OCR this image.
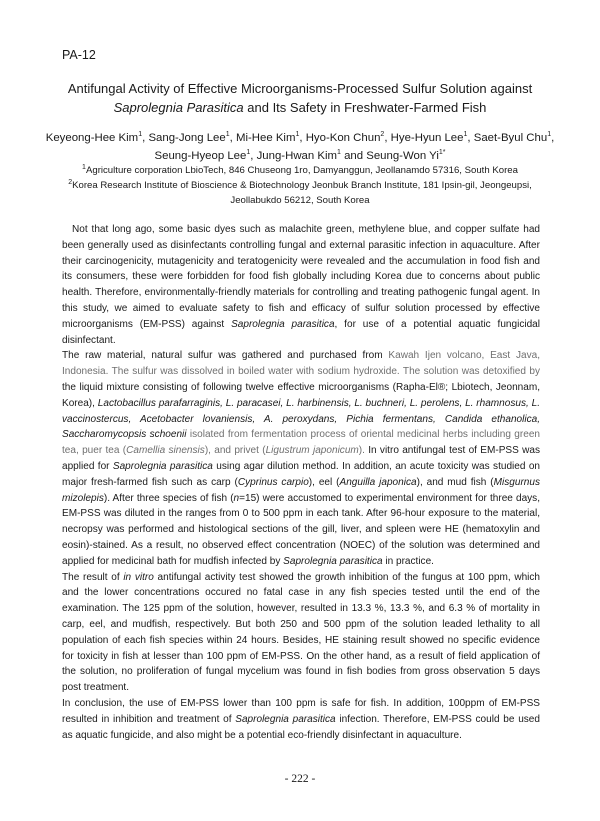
PA-12
Antifungal Activity of Effective Microorganisms-Processed Sulfur Solution against
Saprolegnia Parasitica and Its Safety in Freshwater-Farmed Fish
Keyeong-Hee Kim$^1$, Sang-Jong Lee$^1$, Mi-Hee Kim$^1$, Hyo-Kon Chun$^2$, Hye-Hyun Lee$^1$, Saet-Byul Chu$^1$,
Seung-Hyeop Lee$^1$, Jung-Hwan Kim$^1$ and Seung-Won $Yi^{1*}$
$^1$Agriculture corporation LbioTech, 846 Chuseong 1ro, Damyanggun, Jeollanamdo 57316, South Korea
$^2$Korea Research Institute of Bioscience & Biotechnology Jeonbuk Branch Institute, 181 Ipsin-gil, Jeongeupsi,
Jeollabukdo 56212, South Korea

Not that long ago, some basic dyes such as malachite green, methylene blue, and copper sulfate had been generally used as disinfectants controlling fungal and external parasitic infection in aquaculture. After their carcinogenicity, mutagenicity and teratogenicity were revealed and the accumulation in food fish and its consumers, these were forbidden for food fish globally including Korea due to concerns about public health. Therefore, environmentally-friendly materials for controlling and treating pathogenic fungal agent. In this study, we aimed to evaluate safety to fish and efficacy of sulfur solution processed by effective microorganisms (EM-PSS) against Saprolegnia parasitica, for use of a potential aquatic fungicidal disinfectant.

The raw material, natural sulfur was gathered and purchased from Kawah Ijen volcano, East Java, Indonesia. The sulfur was dissolved in boiled water with sodium hydroxide. The solution was detoxified by the liquid mixture consisting of following twelve effective microorganisms (Rapha-El®; Lbiotech, Jeonnam, Korea), Lactobacillus parafarraginis, L. paracasei, L. harbinensis, L. buchneri, L. perolens, L. rhamnosus, L. vaccinostercus, Acetobacter lovaniensis, A. peroxydans, Pichia fermentans, Candida ethanolica, Saccharomycopsis schoenii isolated from fermentation process of oriental medicinal herbs including green tea, puer tea (Camellia sinensis), and privet (Ligustrum japonicum). In vitro antifungal test of EM-PSS was applied for Saprolegnia parasitica using agar dilution method. In addition, an acute toxicity was studied on major fresh-farmed fish such as carp (Cyprinus carpio), eel (Anguilla japonica), and mud fish (Misgurnus mizolepis). After three species of fish (n=15) were accustomed to experimental environment for three days, EM-PSS was diluted in the ranges from 0 to 500 ppm in each tank. After 96-hour exposure to the material, necropsy was performed and histological sections of the gill, liver, and spleen were HE (hematoxylin and eosin)-stained. As a result, no observed effect concentration (NOEC) of the solution was determined and applied for medicinal bath for mudfish infected by Saprolegnia parasitica in practice.

The result of in vitro antifungal activity test showed the growth inhibition of the fungus at 100 ppm, which and the lower concentrations occured no fatal case in any fish species tested until the end of the examination. The 125 ppm of the solution, however, resulted in 13.3 %, 13.3 %, and 6.3 % of mortality in carp, eel, and mudfish, respectively. But both 250 and 500 ppm of the solution leaded lethality to all population of each fish species within 24 hours. Besides, HE staining result showed no specific evidence for toxicity in fish at lesser than 100 ppm of EM-PSS. On the other hand, as a result of field application of the solution, no proliferation of fungal mycelium was found in fish bodies from gross observation 5 days post treatment.

In conclusion, the use of EM-PSS lower than 100 ppm is safe for fish. In addition, 100ppm of EM-PSS resulted in inhibition and treatment of Saprolegnia parasitica infection. Therefore, EM-PSS could be used as aquatic fungicide, and also might be a potential eco-friendly disinfectant in aquaculture.

- 222 -
